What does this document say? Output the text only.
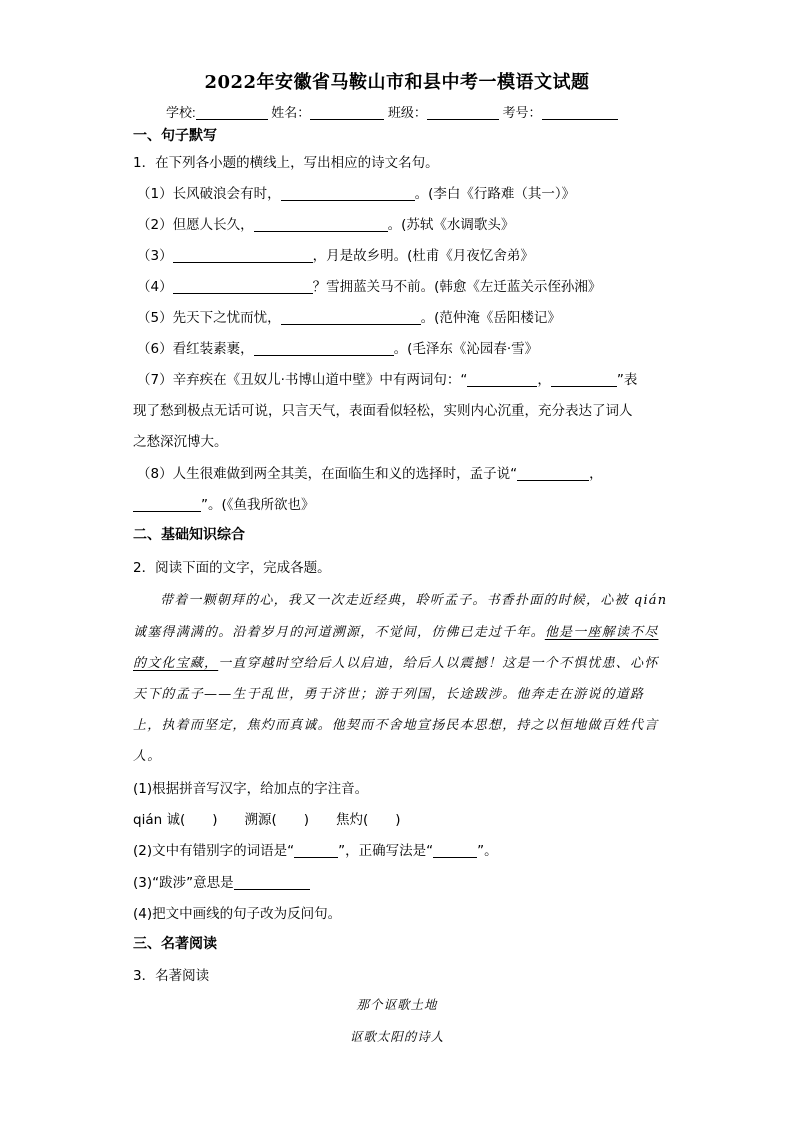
2022年安徽省马鞍山市和县中考一模语文试题
学校:	姓名：	班级：	考号：
一、句子默写
1．在下列各小题的横线上，写出相应的诗文名句。
（1）长风破浪会有时，	。(李白《行路难（其一）》
（2）但愿人长久，	。(苏轼《水调歌头》
（3）	，月是故乡明。(杜甫《月夜忆舍弟》
（4）	？雪拥蓝关马不前。(韩愈《左迁蓝关示侄孙湘》
（5）先天下之忧而忧，	。(范仲淹《岳阳楼记》
（6）看红装素裹，	。(毛泽东《沁园春·雪》
（7）辛弃疾在《丑奴儿·书博山道中壁》中有两词句：“	，	”表
现了愁到极点无话可说，只言天气，表面看似轻松，实则内心沉重，充分表达了词人
之愁深沉博大。
（8）人生很难做到两全其美，在面临生和义的选择时，孟子说“	，
”。(《鱼我所欲也》
二、基础知识综合
2．阅读下面的文字，完成各题。
带着一颗朝拜的心，我又一次走近经典，聆听孟子。书香扑面的时候，心被 qián
诚塞得满满的。沿着岁月的河道溯源，不觉间，仿佛已走过千年。他是一座解读不尽
的文化宝藏，一直穿越时空给后人以启迪，给后人以震撼！这是一个不惧忧患、心怀
天下的孟子——生于乱世，勇于济世；游于列国，长途跋涉。他奔走在游说的道路
上，执着而坚定，焦灼而真诚。他契而不舍地宣扬民本思想，持之以恒地做百姓代言
人。
(1)根据拼音写汉字，给加点的字注音。
qián 诚(　　)　　溯源(　　)　　焦灼(　　)
(2)文中有错别字的词语是“	”，正确写法是“	”。
(3)“跋涉”意思是
(4)把文中画线的句子改为反问句。
三、名著阅读
3．名著阅读
那个讴歌土地
讴歌太阳的诗人
